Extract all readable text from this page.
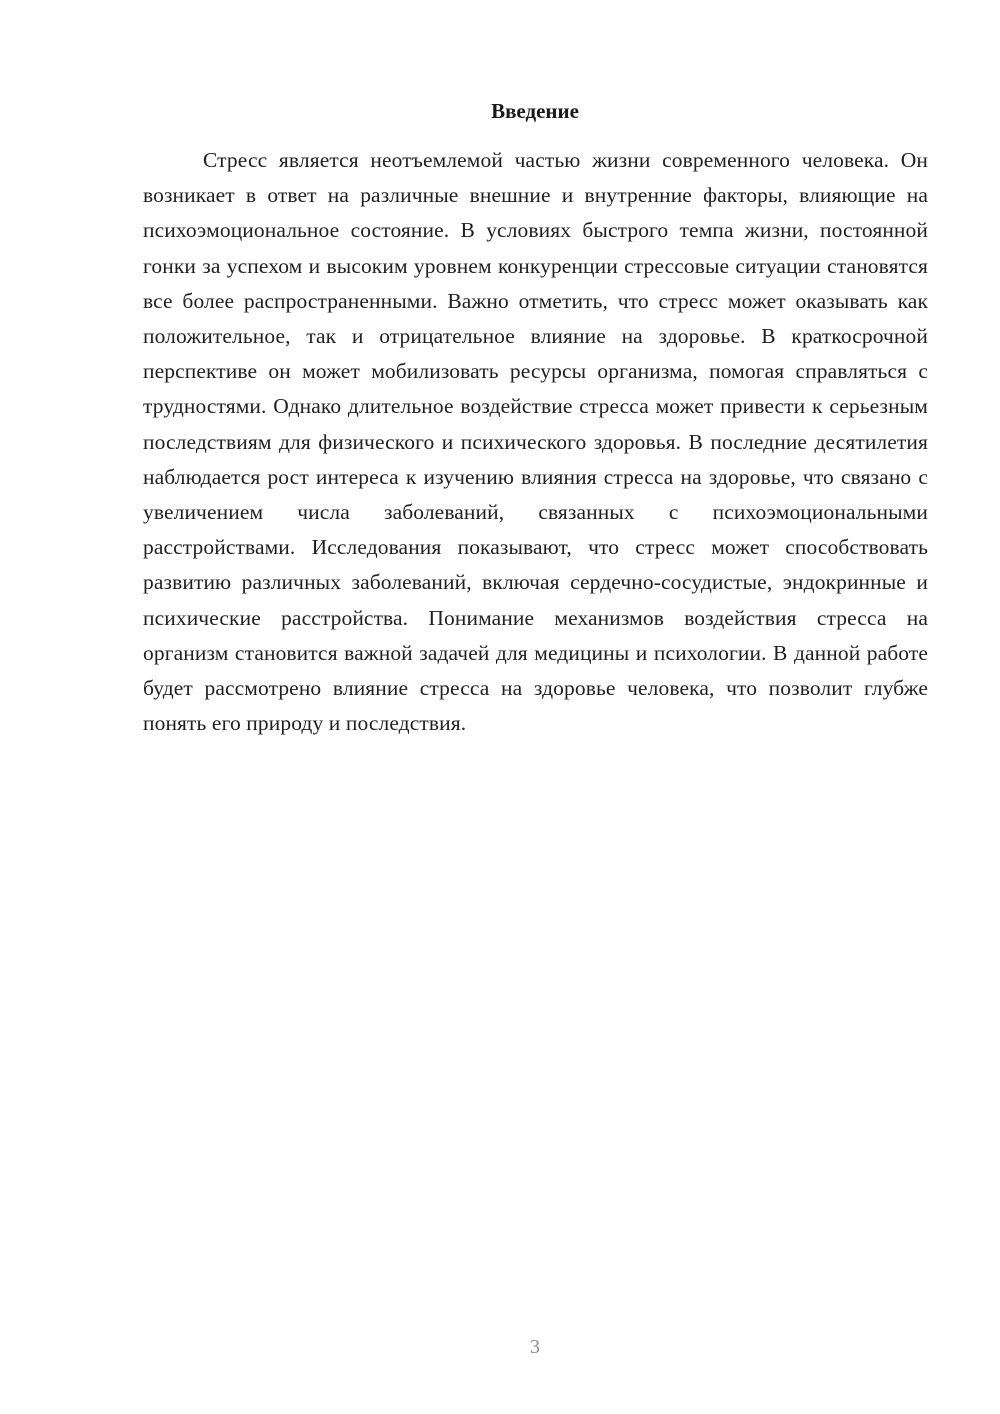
Введение

Стресс является неотъемлемой частью жизни современного человека. Он возникает в ответ на различные внешние и внутренние факторы, влияющие на психоэмоциональное состояние. В условиях быстрого темпа жизни, постоянной гонки за успехом и высоким уровнем конкуренции стрессовые ситуации становятся все более распространенными. Важно отметить, что стресс может оказывать как положительное, так и отрицательное влияние на здоровье. В краткосрочной перспективе он может мобилизовать ресурсы организма, помогая справляться с трудностями. Однако длительное воздействие стресса может привести к серьезным последствиям для физического и психического здоровья. В последние десятилетия наблюдается рост интереса к изучению влияния стресса на здоровье, что связано с увеличением числа заболеваний, связанных с психоэмоциональными расстройствами. Исследования показывают, что стресс может способствовать развитию различных заболеваний, включая сердечно-сосудистые, эндокринные и психические расстройства. Понимание механизмов воздействия стресса на организм становится важной задачей для медицины и психологии. В данной работе будет рассмотрено влияние стресса на здоровье человека, что позволит глубже понять его природу и последствия.

3
